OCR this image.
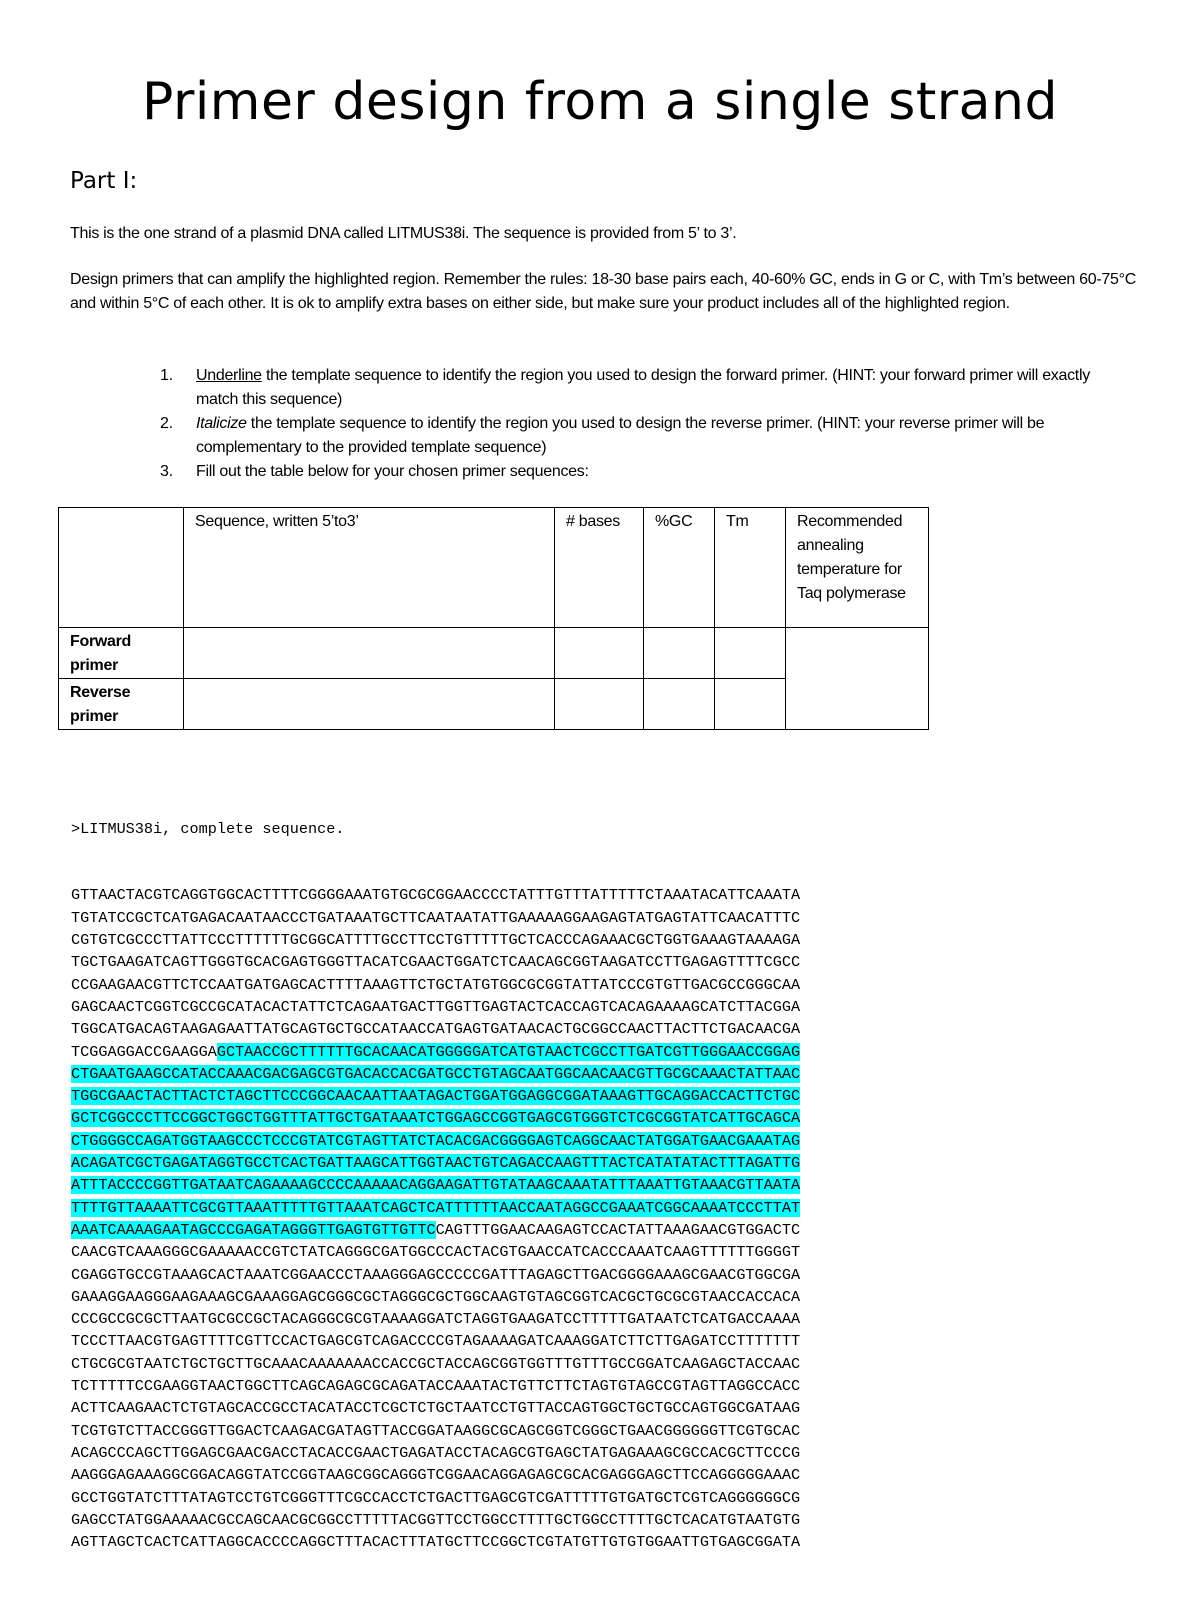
Primer design from a single strand
Part I:
This is the one strand of a plasmid DNA called LITMUS38i. The sequence is provided from 5’ to 3’.
Design primers that can amplify the highlighted region. Remember the rules: 18-30 base pairs each, 40-60% GC, ends in G or C, with Tm’s between 60-75°C and within 5°C of each other. It is ok to amplify extra bases on either side, but make sure your product includes all of the highlighted region.
1. Underline the template sequence to identify the region you used to design the forward primer. (HINT: your forward primer will exactly match this sequence)
2. Italicize the template sequence to identify the region you used to design the reverse primer. (HINT: your reverse primer will be complementary to the provided template sequence)
3. Fill out the table below for your chosen primer sequences:
	Sequence, written 5’to3’	# bases	%GC	Tm	Recommended annealing temperature for Taq polymerase
Forward primer					
Reverse primer					

>LITMUS38i, complete sequence.

GTTAACTACGTCAGGTGGCACTTTTCGGGGAAATGTGCGCGGAACCCCTATTTGTTTATTTTTCTAAATACATTCAAATA
TGTATCCGCTCATGAGACAATAACCCTGATAAATGCTTCAATAATATTGAAAAAGGAAGAGTATGAGTATTCAACATTTC
CGTGTCGCCCTTATTCCCTTTTTTGCGGCATTTTGCCTTCCTGTTTTTGCTCACCCAGAAACGCTGGTGAAAGTAAAAGA
TGCTGAAGATCAGTTGGGTGCACGAGTGGGTTACATCGAACTGGATCTCAACAGCGGTAAGATCCTTGAGAGTTTTCGCC
CCGAAGAACGTTCTCCAATGATGAGCACTTTTAAAGTTCTGCTATGTGGCGCGGTATTATCCCGTGTTGACGCCGGGCAA
GAGCAACTCGGTCGCCGCATACACTATTCTCAGAATGACTTGGTTGAGTACTCACCAGTCACAGAAAAGCATCTTACGGA
TGGCATGACAGTAAGAGAATTATGCAGTGCTGCCATAACCATGAGTGATAACACTGCGGCCAACTTACTTCTGACAACGA
TCGGAGGACCGAAGGAGCTAACCGCTTTTTTGCACAACATGGGGGATCATGTAACTCGCCTTGATCGTTGGGAACCGGAG
CTGAATGAAGCCATACCAAACGACGAGCGTGACACCACGATGCCTGTAGCAATGGCAACAACGTTGCGCAAACTATTAAC
TGGCGAACTACTTACTCTAGCTTCCCGGCAACAATTAATAGACTGGATGGAGGCGGATAAAGTTGCAGGACCACTTCTGC
GCTCGGCCCTTCCGGCTGGCTGGTTTATTGCTGATAAATCTGGAGCCGGTGAGCGTGGGTCTCGCGGTATCATTGCAGCA
CTGGGGCCAGATGGTAAGCCCTCCCGTATCGTAGTTATCTACACGACGGGGAGTCAGGCAACTATGGATGAACGAAATAG
ACAGATCGCTGAGATAGGTGCCTCACTGATTAAGCATTGGTAACTGTCAGACCAAGTTTACTCATATATACTTTAGATTG
ATTTACCCCGGTTGATAATCAGAAAAGCCCCAAAAACAGGAAGATTGTATAAGCAAATATTTAAATTGTAAACGTTAATA
TTTTGTTAAAATTCGCGTTAAATTTTTGTTAAATCAGCTCATTTTTTAACCAATAGGCCGAAATCGGCAAAATCCCTTAT
AAATCAAAAGAATAGCCCGAGATAGGGTTGAGTGTTGTTCCAGTTTGGAACAAGAGTCCACTATTAAAGAACGTGGACTC
CAACGTCAAAGGGCGAAAAACCGTCTATCAGGGCGATGGCCCACTACGTGAACCATCACCCAAATCAAGTTTTTTGGGGT
CGAGGTGCCGTAAAGCACTAAATCGGAACCCTAAAGGGAGCCCCCGATTTAGAGCTTGACGGGGAAAGCGAACGTGGCGA
GAAAGGAAGGGAAGAAAGCGAAAGGAGCGGGCGCTAGGGCGCTGGCAAGTGTAGCGGTCACGCTGCGCGTAACCACCACA
CCCGCCGCGCTTAATGCGCCGCTACAGGGCGCGTAAAAGGATCTAGGTGAAGATCCTTTTTGATAATCTCATGACCAAAA
TCCCTTAACGTGAGTTTTCGTTCCACTGAGCGTCAGACCCCGTAGAAAAGATCAAAGGATCTTCTTGAGATCCTTTTTTT
CTGCGCGTAATCTGCTGCTTGCAAACAAAAAAACCACCGCTACCAGCGGTGGTTTGTTTGCCGGATCAAGAGCTACCAAC
TCTTTTTCCGAAGGTAACTGGCTTCAGCAGAGCGCAGATACCAAATACTGTTCTTCTAGTGTAGCCGTAGTTAGGCCACC
ACTTCAAGAACTCTGTAGCACCGCCTACATACCTCGCTCTGCTAATCCTGTTACCAGTGGCTGCTGCCAGTGGCGATAAG
TCGTGTCTTACCGGGTTGGACTCAAGACGATAGTTACCGGATAAGGCGCAGCGGTCGGGCTGAACGGGGGGTTCGTGCAC
ACAGCCCAGCTTGGAGCGAACGACCTACACCGAACTGAGATACCTACAGCGTGAGCTATGAGAAAGCGCCACGCTTCCCG
AAGGGAGAAAGGCGGACAGGTATCCGGTAAGCGGCAGGGTCGGAACAGGAGAGCGCACGAGGGAGCTTCCAGGGGGAAAC
GCCTGGTATCTTTATAGTCCTGTCGGGTTTCGCCACCTCTGACTTGAGCGTCGATTTTTGTGATGCTCGTCAGGGGGGCG
GAGCCTATGGAAAAACGCCAGCAACGCGGCCTTTTTACGGTTCCTGGCCTTTTGCTGGCCTTTTGCTCACATGTAATGTG
AGTTAGCTCACTCATTAGGCACCCCAGGCTTTACACTTTATGCTTCCGGCTCGTATGTTGTGTGGAATTGTGAGCGGATA
